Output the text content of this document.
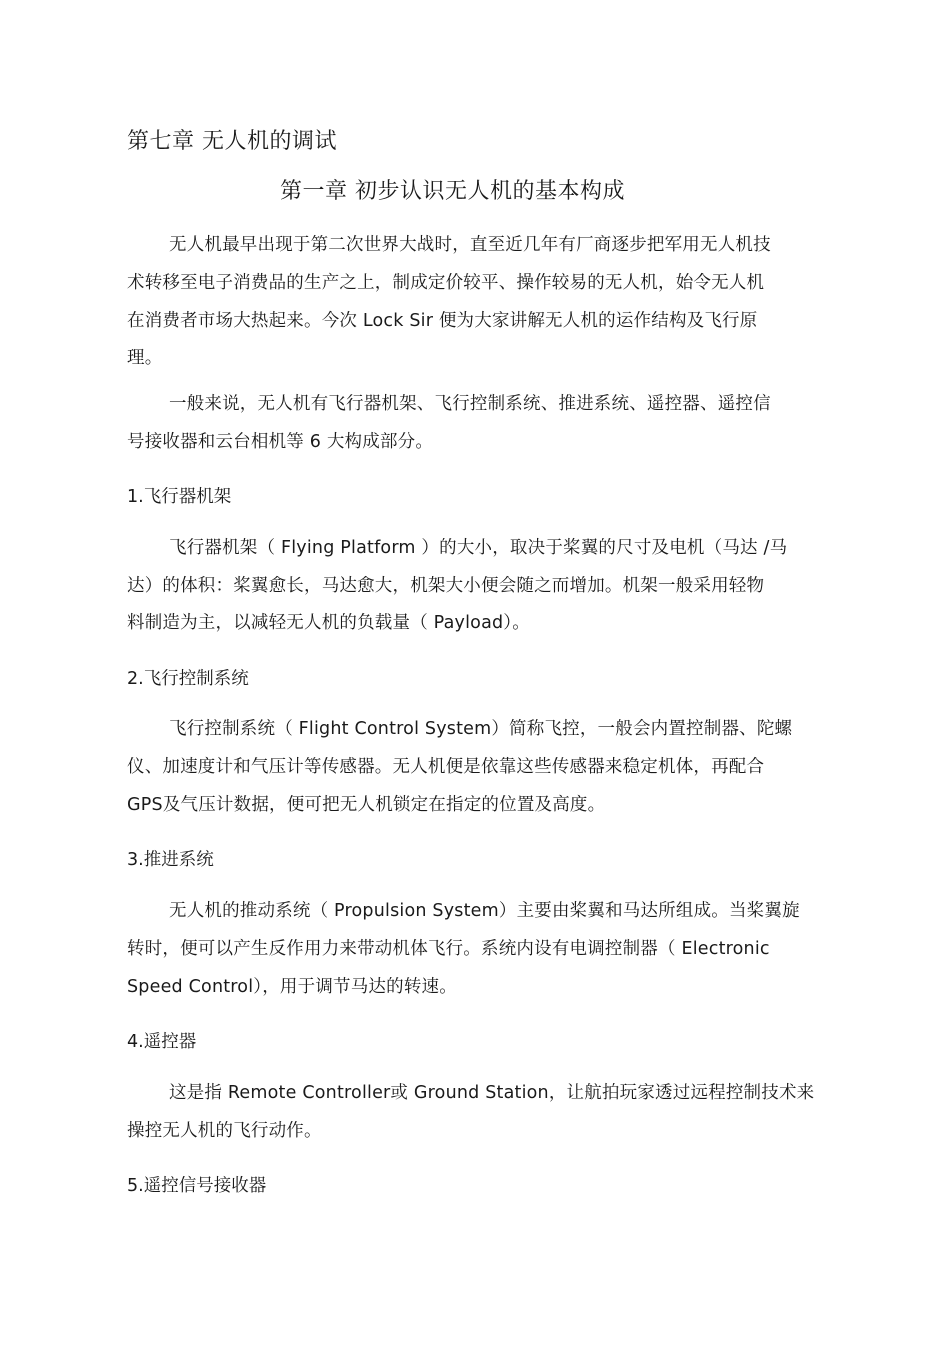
第七章 无人机的调试
第一章 初步认识无人机的基本构成
无人机最早出现于第二次世界大战时，直至近几年有厂商逐步把军用无人机技
术转移至电子消费品的生产之上，制成定价较平、操作较易的无人机，始令无人机
在消费者市场大热起来。今次 Lock Sir 便为大家讲解无人机的运作结构及飞行原
理。
一般来说，无人机有飞行器机架、飞行控制系统、推进系统、遥控器、遥控信
号接收器和云台相机等 6 大构成部分。
1.飞行器机架
飞行器机架（ Flying Platform ）的大小，取决于桨翼的尺寸及电机（马达 /马
达）的体积：桨翼愈长，马达愈大，机架大小便会随之而增加。机架一般采用轻物
料制造为主，以减轻无人机的负载量（ Payload）。
2.飞行控制系统
飞行控制系统（ Flight Control System）简称飞控，一般会内置控制器、陀螺
仪、加速度计和气压计等传感器。无人机便是依靠这些传感器来稳定机体，再配合
GPS及气压计数据，便可把无人机锁定在指定的位置及高度。
3.推进系统
无人机的推动系统（ Propulsion System）主要由桨翼和马达所组成。当桨翼旋
转时，便可以产生反作用力来带动机体飞行。系统内设有电调控制器（ Electronic
Speed Control），用于调节马达的转速。
4.遥控器
这是指 Remote Controller或 Ground Station，让航拍玩家透过远程控制技术来
操控无人机的飞行动作。
5.遥控信号接收器
